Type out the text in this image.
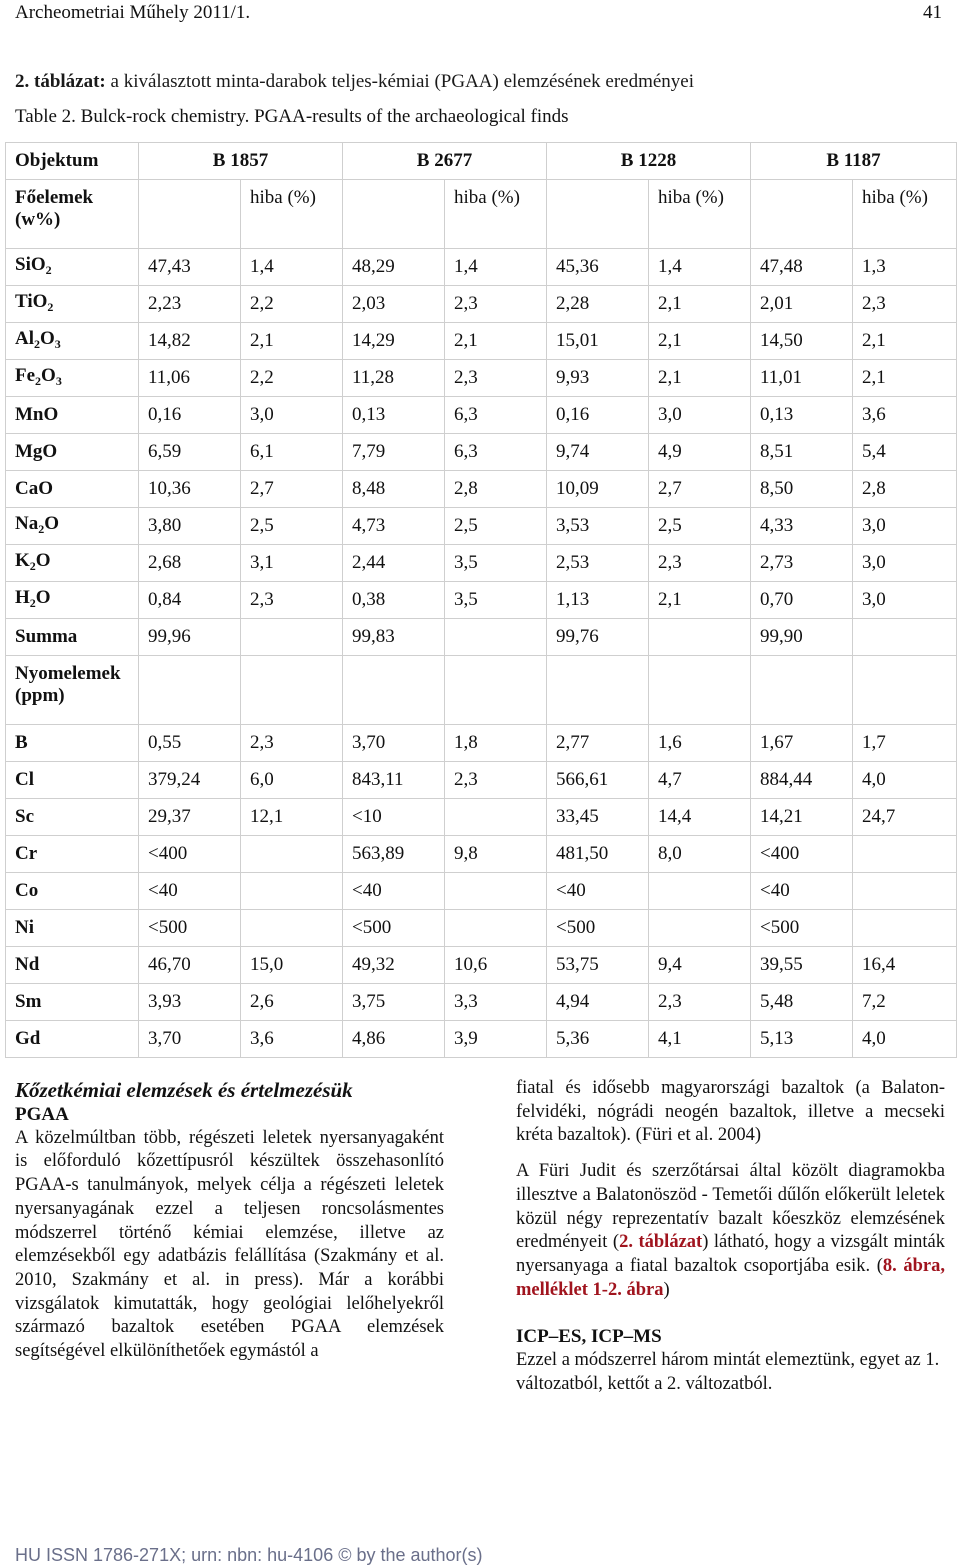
Archeometriai Műhely 2011/1.	41
2. táblázat: a kiválasztott minta-darabok teljes-kémiai (PGAA) elemzésének eredményei
Table 2. Bulck-rock chemistry. PGAA-results of the archaeological finds
Objektum	B 1857		B 2677		B 1228		B 1187	
Főelemek (w%)		hiba (%)		hiba (%)		hiba (%)		hiba (%)
SiO$_2$	47,43	1,4	48,29	1,4	45,36	1,4	47,48	1,3
TiO$_2$	2,23	2,2	2,03	2,3	2,28	2,1	2,01	2,3
$Al_2O_3$	14,82	2,1	14,29	2,1	15,01	2,1	14,50	2,1
$Fe_2O_3$	11,06	2,2	11,28	2,3	9,93	2,1	11,01	2,1
MnO	0,16	3,0	0,13	6,3	0,16	3,0	0,13	3,6
MgO	6,59	6,1	7,79	6,3	9,74	4,9	8,51	5,4
CaO	10,36	2,7	8,48	2,8	10,09	2,7	8,50	2,8
$Na_2O$	3,80	2,5	4,73	2,5	3,53	2,5	4,33	3,0
$K_2O$	2,68	3,1	2,44	3,5	2,53	2,3	2,73	3,0
$H_2O$	0,84	2,3	0,38	3,5	1,13	2,1	0,70	3,0
Summa	99,96		99,83		99,76		99,90	
Nyomelemek (ppm)								
B	0,55	2,3	3,70	1,8	2,77	1,6	1,67	1,7
Cl	379,24	6,0	843,11	2,3	566,61	4,7	884,44	4,0
Sc	29,37	12,1	<10		33,45	14,4	14,21	24,7
Cr	<400		563,89	9,8	481,50	8,0	<400	
Co	<40		<40		<40		<40	
Ni	<500		<500		<500		<500	
Nd	46,70	15,0	49,32	10,6	53,75	9,4	39,55	16,4
Sm	3,93	2,6	3,75	3,3	4,94	2,3	5,48	7,2
Gd	3,70	3,6	4,86	3,9	5,36	4,1	5,13	4,0

Kőzetkémiai elemzések és értelmezésük

PGAA

A közelmúltban több, régészeti leletek nyersanyagaként is előforduló kőzettípusról készültek összehasonlító PGAA-s tanulmányok, melyek célja a régészeti leletek nyersanyagának ezzel a teljesen roncsolásmentes módszerrel történő kémiai elemzése, illetve az elemzésekből egy adatbázis felállítása (Szakmány et al. 2010, Szakmány et al. in press). Már a korábbi vizsgálatok kimutatták, hogy geológiai lelőhelyekről származó bazaltok esetében PGAA elemzések segítségével elkülöníthetőek egymástól a

fiatal és idősebb magyarországi bazaltok (a Balaton-felvidéki, nógrádi neogén bazaltok, illetve a mecseki kréta bazaltok). (Füri et al. 2004)

A Füri Judit és szerzőtársai által közölt diagramokba illesztve a Balatonöszöd - Temetői dűlőn előkerült leletek közül négy reprezentatív bazalt kőeszköz elemzésének eredményeit (2. táblázat) látható, hogy a vizsgált minták nyersanyaga a fiatal bazaltok csoportjába esik. (8. ábra, melléklet 1-2. ábra)

ICP–ES, ICP–MS

Ezzel a módszerrel három mintát elemeztünk, egyet az 1. változatból, kettőt a 2. változatból.

HU ISSN 1786-271X; urn: nbn: hu-4106 © by the author(s)
